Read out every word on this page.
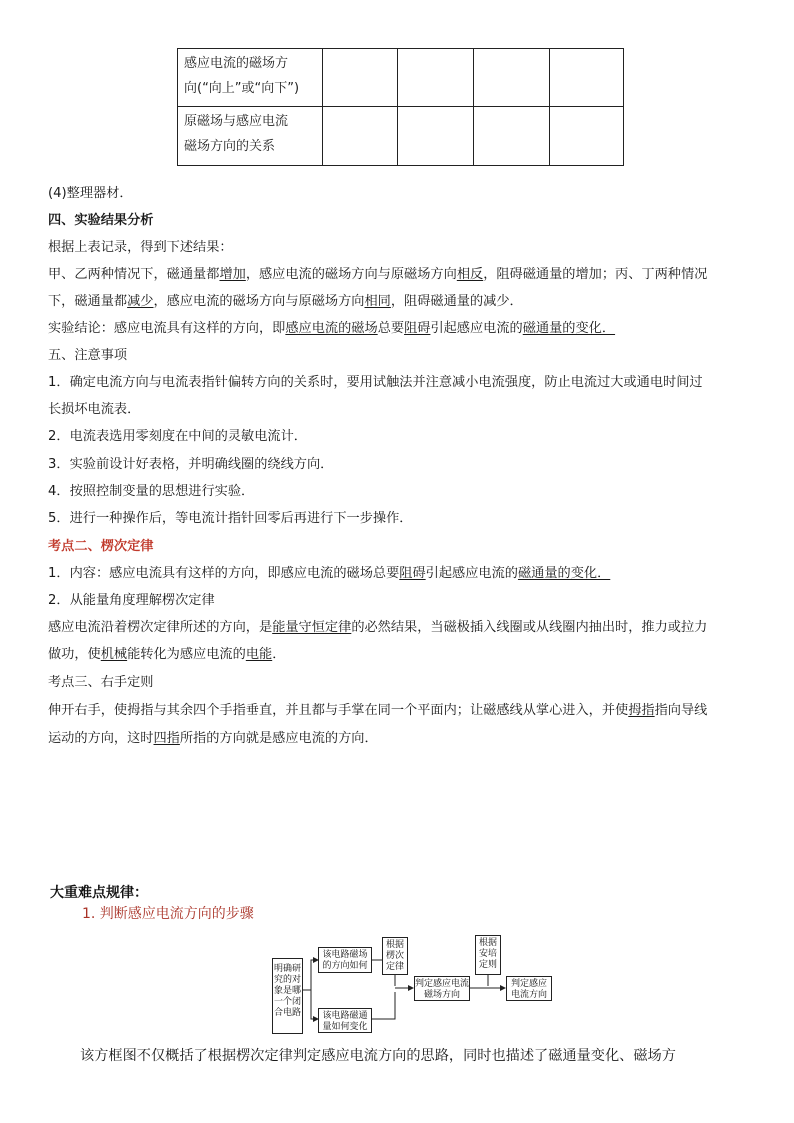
感应电流的磁场方
向(“向上”或“向下”)				

原磁场与感应电流
磁场方向的关系				

(4)整理器材．
四、实验结果分析
根据上表记录，得到下述结果：
甲、乙两种情况下，磁通量都增加，感应电流的磁场方向与原磁场方向相反，阻碍磁通量的增加；丙、丁两种情况
下，磁通量都减少，感应电流的磁场方向与原磁场方向相同，阻碍磁通量的减少．
实验结论：感应电流具有这样的方向，即感应电流的磁场总要阻碍引起感应电流的磁通量的变化．
五、注意事项
1．确定电流方向与电流表指针偏转方向的关系时，要用试触法并注意减小电流强度，防止电流过大或通电时间过
长损坏电流表．
2．电流表选用零刻度在中间的灵敏电流计．
3．实验前设计好表格，并明确线圈的绕线方向．
4．按照控制变量的思想进行实验．
5．进行一种操作后，等电流计指针回零后再进行下一步操作．
考点二、楞次定律
1．内容：感应电流具有这样的方向，即感应电流的磁场总要阻碍引起感应电流的磁通量的变化．
2．从能量角度理解楞次定律
感应电流沿着楞次定律所述的方向，是能量守恒定律的必然结果，当磁极插入线圈或从线圈内抽出时，推力或拉力
做功，使机械能转化为感应电流的电能．
考点三、右手定则
伸开右手，使拇指与其余四个手指垂直，并且都与手掌在同一个平面内；让磁感线从掌心进入，并使拇指指向导线
运动的方向，这时四指所指的方向就是感应电流的方向．
大重难点规律：
1. 判断感应电流方向的步骤
明确研究的对象是哪一个闭合电路
该电路磁场的方向如何
该电路磁通量如何变化
根据楞次定律
判定感应电流磁场方向
根据安培定则
判定感应电流方向
该方框图不仅概括了根据楞次定律判定感应电流方向的思路，同时也描述了磁通量变化、磁场方
